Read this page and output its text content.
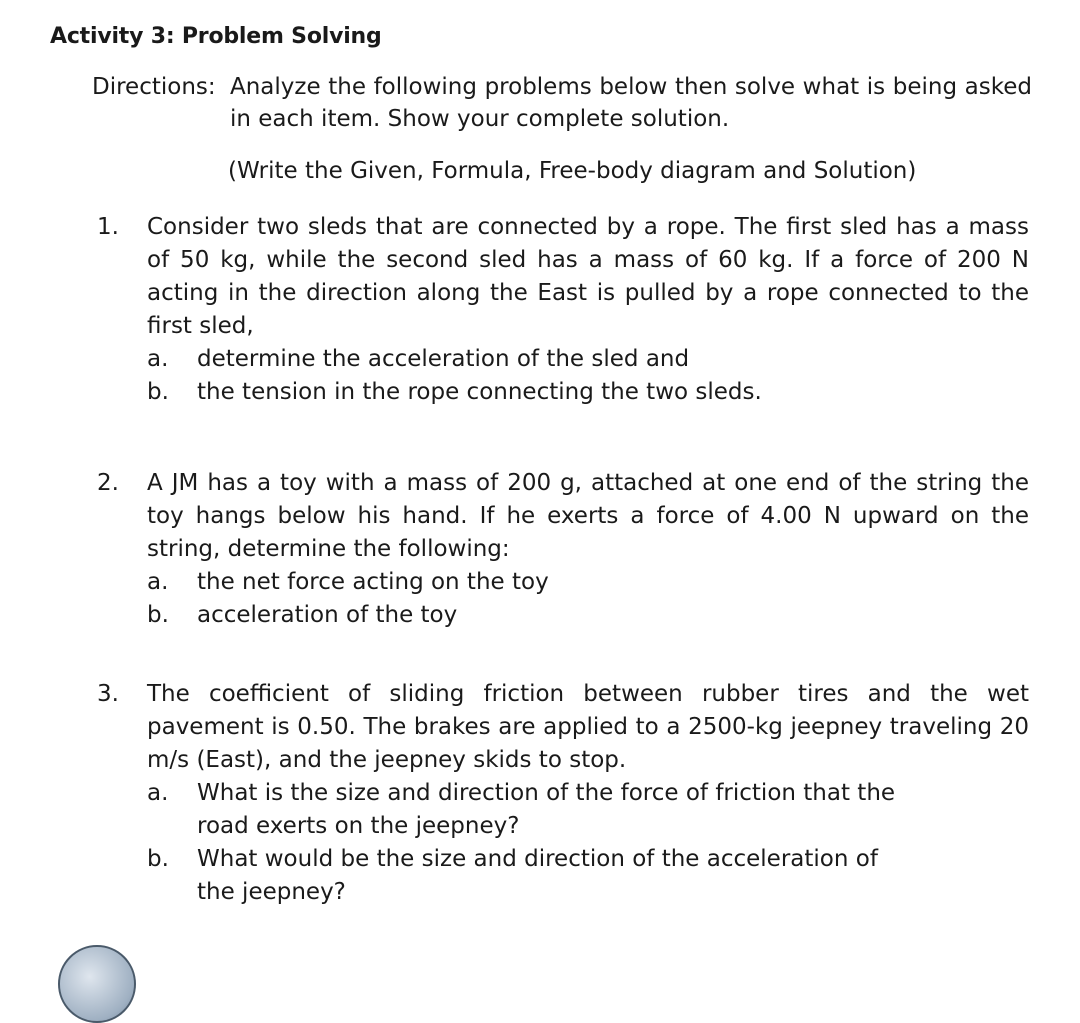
Activity 3: Problem Solving
Directions: Analyze the following problems below then solve what is being asked in each item. Show your complete solution.
(Write the Given, Formula, Free-body diagram and Solution)
1. Consider two sleds that are connected by a rope. The first sled has a mass of 50 kg, while the second sled has a mass of 60 kg. If a force of 200 N acting in the direction along the East is pulled by a rope connected to the first sled,
a.	determine the acceleration of the sled and
b.	the tension in the rope connecting the two sleds.
2. A JM has a toy with a mass of 200 g, attached at one end of the string the toy hangs below his hand. If he exerts a force of 4.00 N upward on the string, determine the following:
a.	the net force acting on the toy
b.	acceleration of the toy
3. The coefficient of sliding friction between rubber tires and the wet pavement is 0.50. The brakes are applied to a 2500-kg jeepney traveling 20 m/s (East), and the jeepney skids to stop.
a.	What is the size and direction of the force of friction that the road exerts on the jeepney?
b.	What would be the size and direction of the acceleration of the jeepney?
